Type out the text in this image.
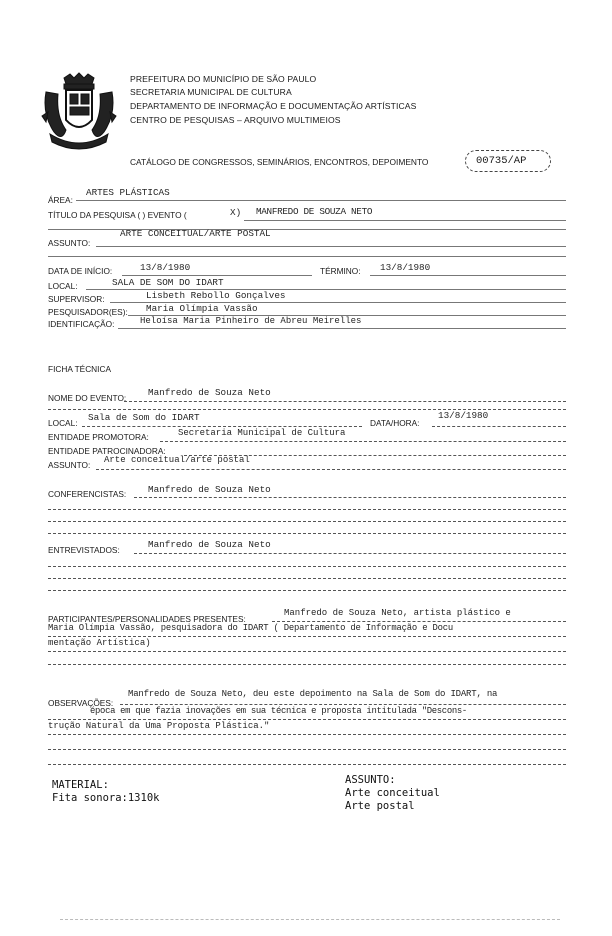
PREFEITURA DO MUNICÍPIO DE SÃO PAULO
SECRETARIA MUNICIPAL DE CULTURA
DEPARTAMENTO DE INFORMAÇÃO E DOCUMENTAÇÃO ARTÍSTICAS
CENTRO DE PESQUISAS – ARQUIVO MULTIMEIOS
CATÁLOGO DE CONGRESSOS, SEMINÁRIOS, ENCONTROS, DEPOIMENTO	00735/AP
ÁREA:
ARTES PLÁSTICAS
TÍTULO DA PESQUISA ( ) EVENTO (	X) MANFREDO DE SOUZA NETO
ASSUNTO:
ARTE CONCEITUAL/ARTE POSTAL
DATA DE INÍCIO:	13/8/1980	TÉRMINO: 13/8/1980
LOCAL:	SALA DE SOM DO IDART
SUPERVISOR:	Lisbeth Rebollo Gonçalves
PESQUISADOR(ES): Maria Olímpia Vassão
IDENTIFICAÇÃO:	Heloísa Maria Pinheiro de Abreu Meirelles
FICHA TÉCNICA
NOME DO EVENTO: Manfredo de Souza Neto
LOCAL: Sala de Som do IDART	DATA/HORA:
13/8/1980
ENTIDADE PROMOTORA:	Secretaria Municipal de Cultura
ENTIDADE PATROCINADORA:
ASSUNTO: Arte conceitual/arte postal
CONFERENCISTAS: Manfredo de Souza Neto
ENTREVISTADOS:	Manfredo de Souza Neto
PARTICIPANTES/PERSONALIDADES PRESENTES:
Manfredo de Souza Neto, artista plástico e
Maria Olímpia Vassão, pesquisadora do IDART ( Departamento de Informação e Docu
mentação Artística)
OBSERVAÇÕES:
Manfredo de Souza Neto, deu este depoimento na Sala de Som do IDART, na
época em que fazia inovações em sua técnica e proposta intitulada "Descons-
trução Natural da Uma Proposta Plástica."
MATERIAL:
Fita sonora:1310k
ASSUNTO:
Arte conceitual
Arte postal
